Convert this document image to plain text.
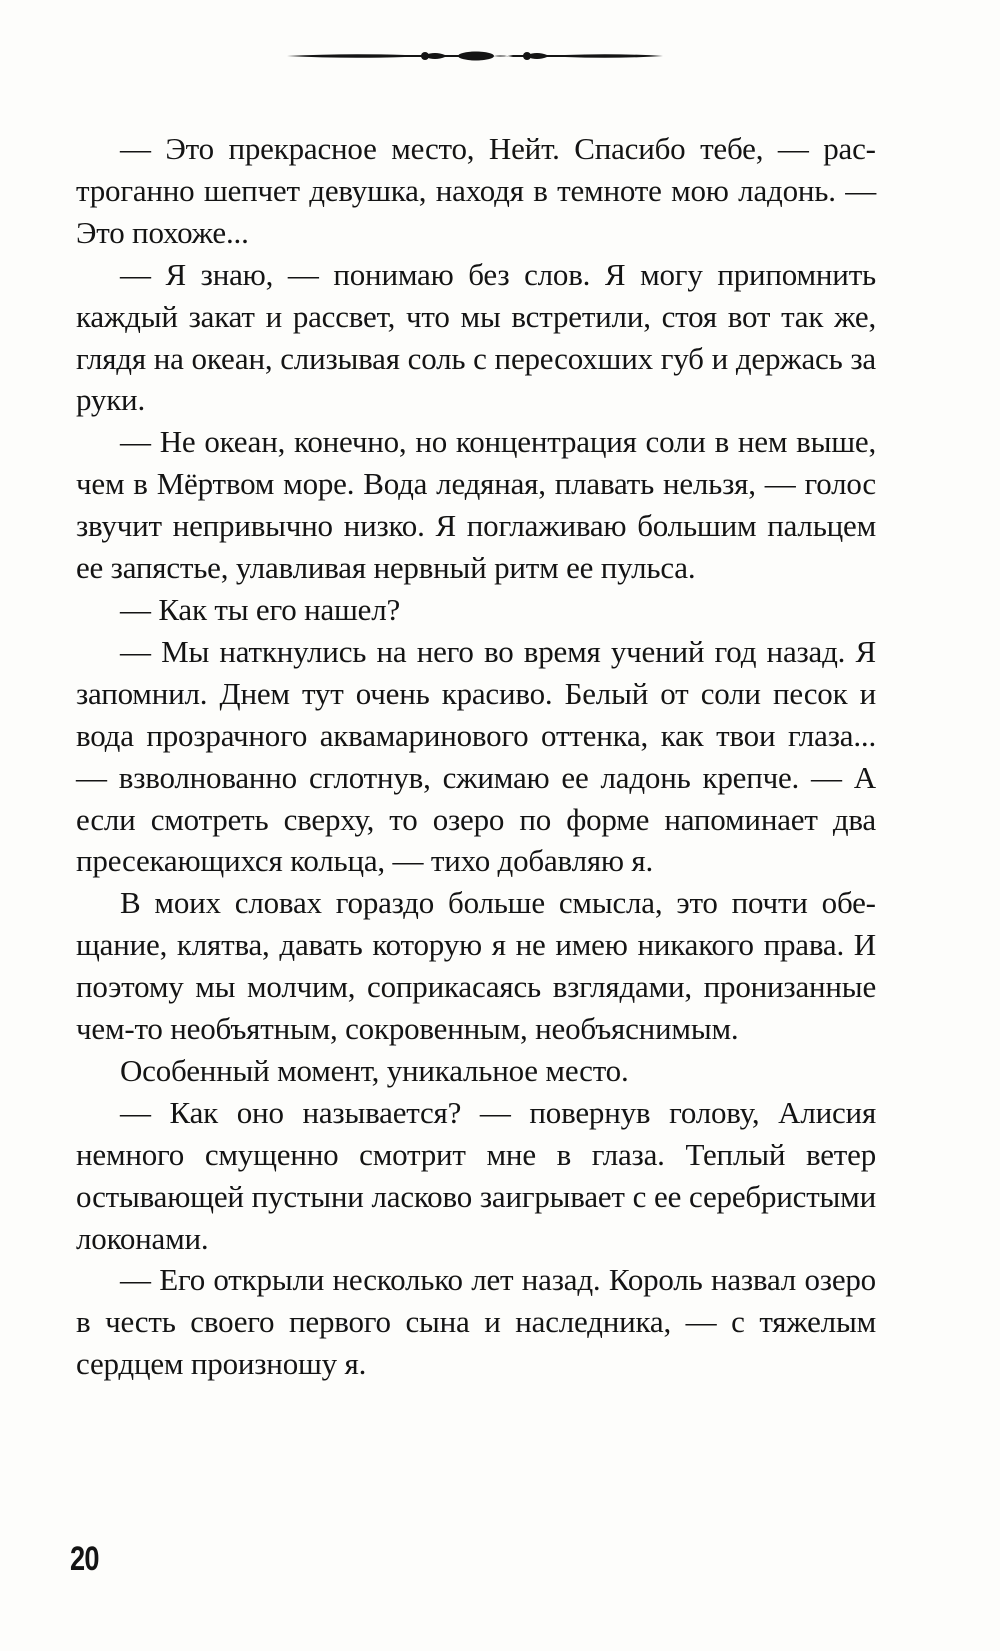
— Это прекрасное место, Нейт. Спасибо тебе, — растроганно шепчет девушка, находя в темноте мою ладонь. — Это похоже...

— Я знаю, — понимаю без слов. Я могу припомнить каждый закат и рассвет, что мы встретили, стоя вот так же, глядя на океан, слизывая соль с пересохших губ и держась за руки.

— Не океан, конечно, но концентрация соли в нем выше, чем в Мёртвом море. Вода ледяная, плавать нельзя, — голос звучит непривычно низко. Я поглаживаю большим пальцем ее запястье, улавливая нервный ритм ее пульса.

— Как ты его нашел?

— Мы наткнулись на него во время учений год назад. Я запомнил. Днем тут очень красиво. Белый от соли песок и вода прозрачного аквамаринового оттенка, как твои глаза... — взволнованно сглотнув, сжимаю ее ладонь крепче. — А если смотреть сверху, то озеро по форме напоминает два пресекающихся кольца, — тихо добавляю я.

В моих словах гораздо больше смысла, это почти обещание, клятва, давать которую я не имею никакого права. И поэтому мы молчим, соприкасаясь взглядами, пронизанные чем-то необъятным, сокровенным, необъяснимым.

Особенный момент, уникальное место.

— Как оно называется? — повернув голову, Алисия немного смущенно смотрит мне в глаза. Теплый ветер остывающей пустыни ласково заигрывает с ее серебристыми локонами.

— Его открыли несколько лет назад. Король назвал озеро в честь своего первого сына и наследника, — с тяжелым сердцем произношу я.

20
